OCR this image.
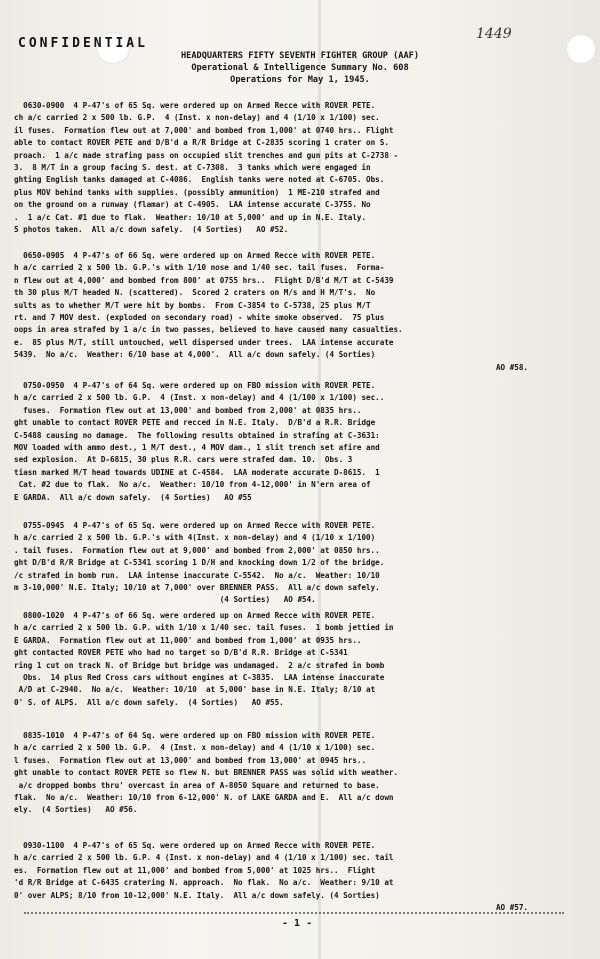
CONFIDENTIAL
1449
HEADQUARTERS FIFTY SEVENTH FIGHTER GROUP (AAF)
Operational & Intelligence Summary No. 608
Operations for May 1, 1945.
0630-0900  4 P-47's of 65 Sq. were ordered up on Armed Recce with ROVER PETE.
ch a/c carried 2 x 500 lb. G.P.  4 (Inst. x non-delay) and 4 (1/10 x 1/100) sec.
il fuses.  Formation flew out at 7,000' and bombed from 1,000' at 0740 hrs.. Flight
able to contact ROVER PETE and D/B'd a R/R Bridge at C-2835 scoring 1 crater on S.
proach.  1 a/c made strafing pass on occupied slit trenches and gun pits at C-2738 -
3.  8 M/T in a group facing S. dest. at C-7308.  3 tanks which were engaged in
ghting English tanks damaged at C-4086.  English tanks were noted at C-6705. Obs.
plus MOV behind tanks with supplies. (possibly ammunition)  1 ME-210 strafed and
on the ground on a runway (flamar) at C-4905.  LAA intense accurate C-3755. No
.  1 a/c Cat. #1 due to flak.  Weather: 10/10 at 5,000' and up in N.E. Italy.
5 photos taken.  All a/c down safely.  (4 Sorties)   AO #52.
0650-0905  4 P-47's of 66 Sq. were ordered up on Armed Recce with ROVER PETE.
h a/c carried 2 x 500 lb. G.P.'s with 1/10 nose and 1/40 sec. tail fuses.  Forma-
n flew out at 4,000' and bombed from 800' at 0755 hrs..  Flight D/B'd M/T at C-5439
th 30 plus M/T headed N. (scattered).  Scored 2 craters on M/s and H M/T's.  No
sults as to whether M/T were hit by bombs.  From C-3854 to C-5738, 25 plus M/T
rt. and 7 MOV dest. (exploded on secondary road) - white smoke observed.  75 plus
oops in area strafed by 1 a/c in two passes, believed to have caused many casualties.
e.  85 plus M/T, still untouched, well dispersed under trees.  LAA intense accurate
5439.  No a/c.  Weather: 6/10 base at 4,000'.  All a/c down safely. (4 Sorties)
AO #58.
0750-0950  4 P-47's of 64 Sq. were ordered up on FBO mission with ROVER PETE.
h a/c carried 2 x 500 lb. G.P.  4 (Inst. x non-delay) and 4 (1/100 x 1/100) sec..
fuses.  Formation flew out at 13,000' and bombed from 2,000' at 0835 hrs..
ght unable to contact ROVER PETE and recced in N.E. Italy.  D/B'd a R.R. Bridge
C-5488 causing no damage.  The following results obtained in strafing at C-3631:
MOV loaded with ammo dest., 1 M/T dest., 4 MOV dam., 1 slit trench set afire and
sed explosion.  At D-6815, 30 plus R.R. cars were strafed dam. 10.  Obs. 3
tiasn marked M/T head towards UDINE at C-4584.  LAA moderate accurate D-8615.  1
Cat. #2 due to flak.  No a/c.  Weather: 10/10 from 4-12,000' in N'ern area of
E GARDA.  All a/c down safely.  (4 Sorties)   AO #55
0755-0945  4 P-47's of 65 Sq. were ordered up on Armed Recce with ROVER PETE.
h a/c carried 2 x 500 lb. G.P.'s with 4(Inst. x non-delay) and 4 (1/10 x 1/100)
. tail fuses.  Formation flew out at 9,000' and bombed from 2,000' at 0850 hrs..
ght D/B'd R/R Bridge at C-5341 scoring 1 D/H and knocking down 1/2 of the bridge.
/c strafed in bomb run.  LAA intense inaccurate C-5542.  No a/c.  Weather: 10/10
m 3-10,000' N.E. Italy; 10/10 at 7,000' over BRENNER PASS.  All a/c down safely.
(4 Sorties)   AO #54.
0800-1020  4 P-47's of 66 Sq. were ordered up on Armed Recce with ROVER PETE.
h a/c carried 2 x 500 lb. G.P. with 1/10 x 1/40 sec. tail fuses.  1 bomb jettied in
E GARDA.  Formation flew out at 11,000' and bombed from 1,000' at 0935 hrs..
ght contacted ROVER PETE who had no target so D/B'd R.R. Bridge at C-5341
ring 1 cut on track N. of Bridge but bridge was undamaged.  2 a/c strafed in bomb
Obs.  14 plus Red Cross cars without engines at C-3835.  LAA intense inaccurate
A/D at C-2940.  No a/c.  Weather: 10/10  at 5,000' base in N.E. Italy; 8/10 at
0' S. of ALPS.  All a/c down safely.  (4 Sorties)   AO #55.
0835-1010  4 P-47's of 64 Sq. were ordered up on FBO mission with ROVER PETE.
h a/c carried 2 x 500 lb. G.P.  4 (Inst. x non-delay) and 4 (1/10 x 1/100) sec.
l fuses.  Formation flew out at 13,000' and bombed from 13,000' at 0945 hrs..
ght unable to contact ROVER PETE so flew N. but BRENNER PASS was solid with weather.
a/c dropped bombs thru' overcast in area of A-8050 Square and returned to base.
flak.  No a/c.  Weather: 10/10 from 6-12,000' N. of LAKE GARDA and E.  All a/c down
ely.  (4 Sorties)   AO #56.
0930-1100  4 P-47's of 65 Sq. were ordered up on Armed Recce with ROVER PETE.
h a/c carried 2 x 500 lb. G.P. 4 (Inst. x non-delay) and 4 (1/10 x 1/100) sec. tail
es.  Formation flew out at 11,000' and bombed from 5,000' at 1025 hrs..  Flight
'd R/R Bridge at C-6435 cratering N. approach.  No flak.  No a/c.  Weather: 9/10 at
0' over ALPS; 8/10 from 10-12,000' N.E. Italy.  All a/c down safely. (4 Sorties)
AO #57.
- 1 -
